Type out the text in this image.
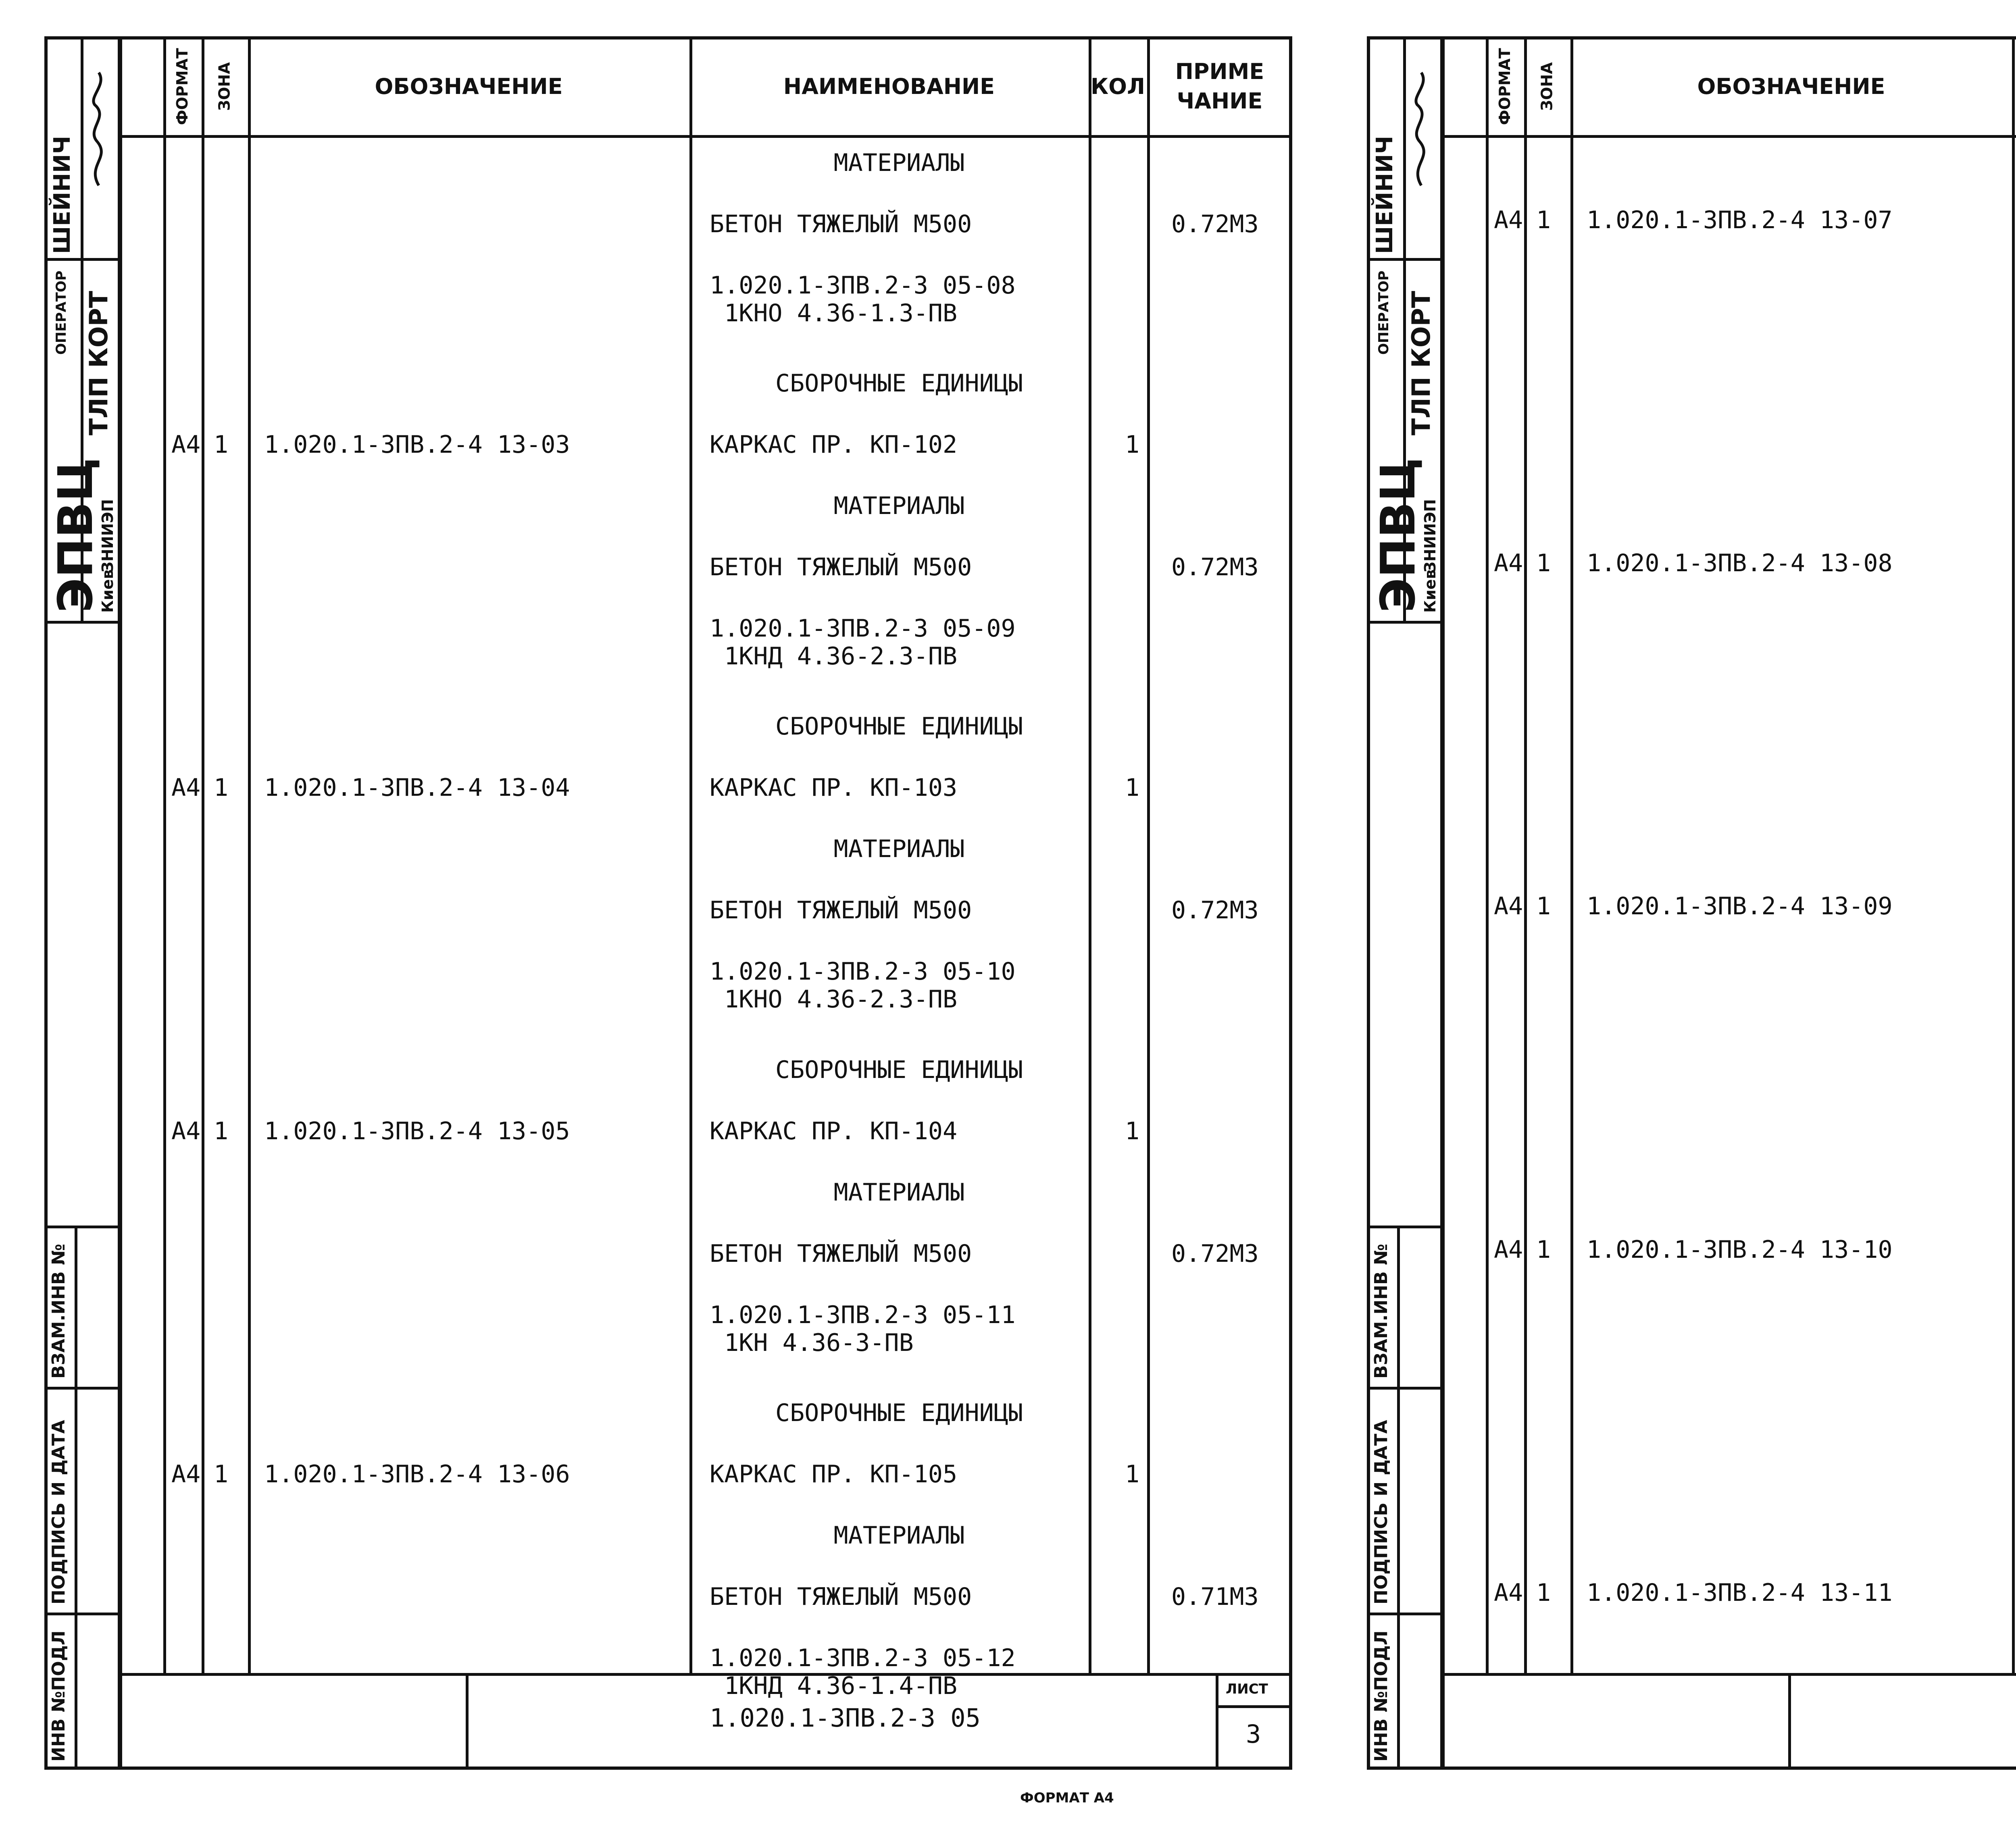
ФОРМАТ ЗОНА	ОБОЗНАЧЕНИЕ	НАИМЕНОВАНИЕ	КОЛ
ПРИМЕ
ЧАНИЕ
ШЕЙНИЧ
ОПЕРАТОР ТЛП КОРТ
ЭПВЦ
Киев
ЗНИИЭП
ВЗАМ.ИНВ №
ПОДПИСЬ И ДАТА
ИНВ №ПОДЛ
МАТЕРИАЛЫ
БЕТОН ТЯЖЕЛЫЙ М500	0.72М3
1.020.1-3ПВ.2-3 05-08
1КНО 4.36-1.3-ПВ
СБОРОЧНЫЕ ЕДИНИЦЫ
А4 1 1.020.1-3ПВ.2-4 13-03	КАРКАС ПР. КП-102	1
МАТЕРИАЛЫ
БЕТОН ТЯЖЕЛЫЙ М500	0.72М3
1.020.1-3ПВ.2-3 05-09
1КНД 4.36-2.3-ПВ
СБОРОЧНЫЕ ЕДИНИЦЫ
А4 1 1.020.1-3ПВ.2-4 13-04	КАРКАС ПР. КП-103	1
МАТЕРИАЛЫ
БЕТОН ТЯЖЕЛЫЙ М500	0.72М3
1.020.1-3ПВ.2-3 05-10
1КНО 4.36-2.3-ПВ
СБОРОЧНЫЕ ЕДИНИЦЫ
А4 1 1.020.1-3ПВ.2-4 13-05	КАРКАС ПР. КП-104	1
МАТЕРИАЛЫ
БЕТОН ТЯЖЕЛЫЙ М500	0.72М3
1.020.1-3ПВ.2-3 05-11
1КН 4.36-3-ПВ
СБОРОЧНЫЕ ЕДИНИЦЫ
А4 1 1.020.1-3ПВ.2-4 13-06	КАРКАС ПР. КП-105	1
МАТЕРИАЛЫ
БЕТОН ТЯЖЕЛЫЙ М500	0.71М3
1.020.1-3ПВ.2-3 05-12
1КНД 4.36-1.4-ПВ
1.020.1-3ПВ.2-3 05
ЛИСТ
3
ФОРМАТ А4
ФОРМАТ ЗОНА	ОБОЗНАЧЕНИЕ
ШЕЙНИЧ
ОПЕРАТОР ТЛП КОРТ
ЭПВЦ
Киев
ЗНИИЭП
ВЗАМ.ИНВ №
ПОДПИСЬ И ДАТА
ИНВ №ПОДЛ
А4 1 1.020.1-3ПВ.2-4 13-07
А4 1 1.020.1-3ПВ.2-4 13-08
А4 1 1.020.1-3ПВ.2-4 13-09
А4 1 1.020.1-3ПВ.2-4 13-10
А4 1 1.020.1-3ПВ.2-4 13-11
